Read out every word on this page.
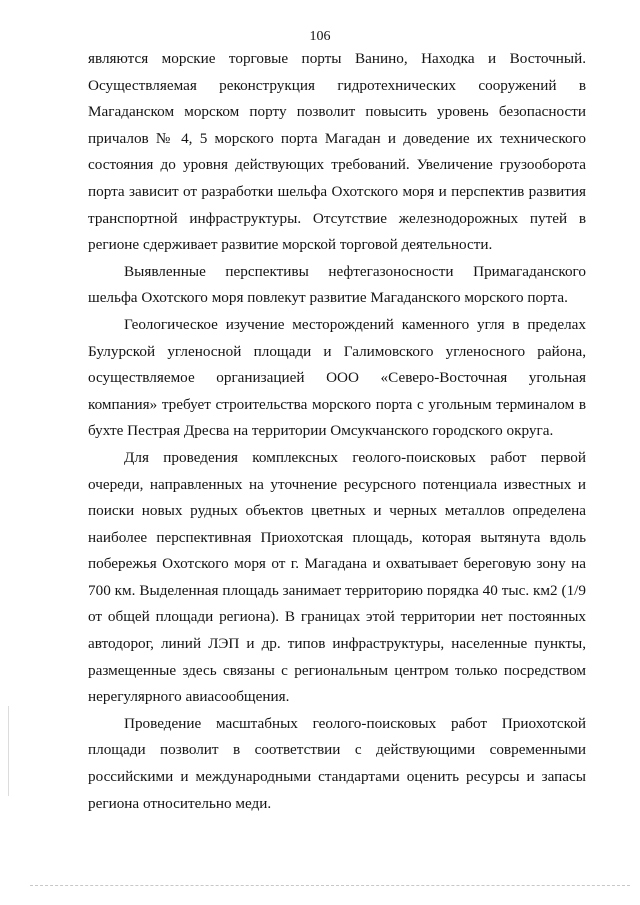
106

являются морские торговые порты Ванино, Находка и Восточный. Осуществляемая реконструкция гидротехнических сооружений в Магаданском морском порту позволит повысить уровень безопасности причалов № 4, 5 морского порта Магадан и доведение их технического состояния до уровня действующих требований. Увеличение грузооборота порта зависит от разработки шельфа Охотского моря и перспектив развития транспортной инфраструктуры. Отсутствие железнодорожных путей в регионе сдерживает развитие морской торговой деятельности.

Выявленные перспективы нефтегазоносности Примагаданского шельфа Охотского моря повлекут развитие Магаданского морского порта.

Геологическое изучение месторождений каменного угля в пределах Булурской угленосной площади и Галимовского угленосного района, осуществляемое организацией ООО «Северо-Восточная угольная компания» требует строительства морского порта с угольным терминалом в бухте Пестрая Дресва на территории Омсукчанского городского округа.

Для проведения комплексных геолого-поисковых работ первой очереди, направленных на уточнение ресурсного потенциала известных и поиски новых рудных объектов цветных и черных металлов определена наиболее перспективная Приохотская площадь, которая вытянута вдоль побережья Охотского моря от г. Магадана и охватывает береговую зону на 700 км. Выделенная площадь занимает территорию порядка 40 тыс. км2 (1/9 от общей площади региона). В границах этой территории нет постоянных автодорог, линий ЛЭП и др. типов инфраструктуры, населенные пункты, размещенные здесь связаны с региональным центром только посредством нерегулярного авиасообщения.

Проведение масштабных геолого-поисковых работ Приохотской площади позволит в соответствии с действующими современными российскими и международными стандартами оценить ресурсы и запасы региона относительно меди.
